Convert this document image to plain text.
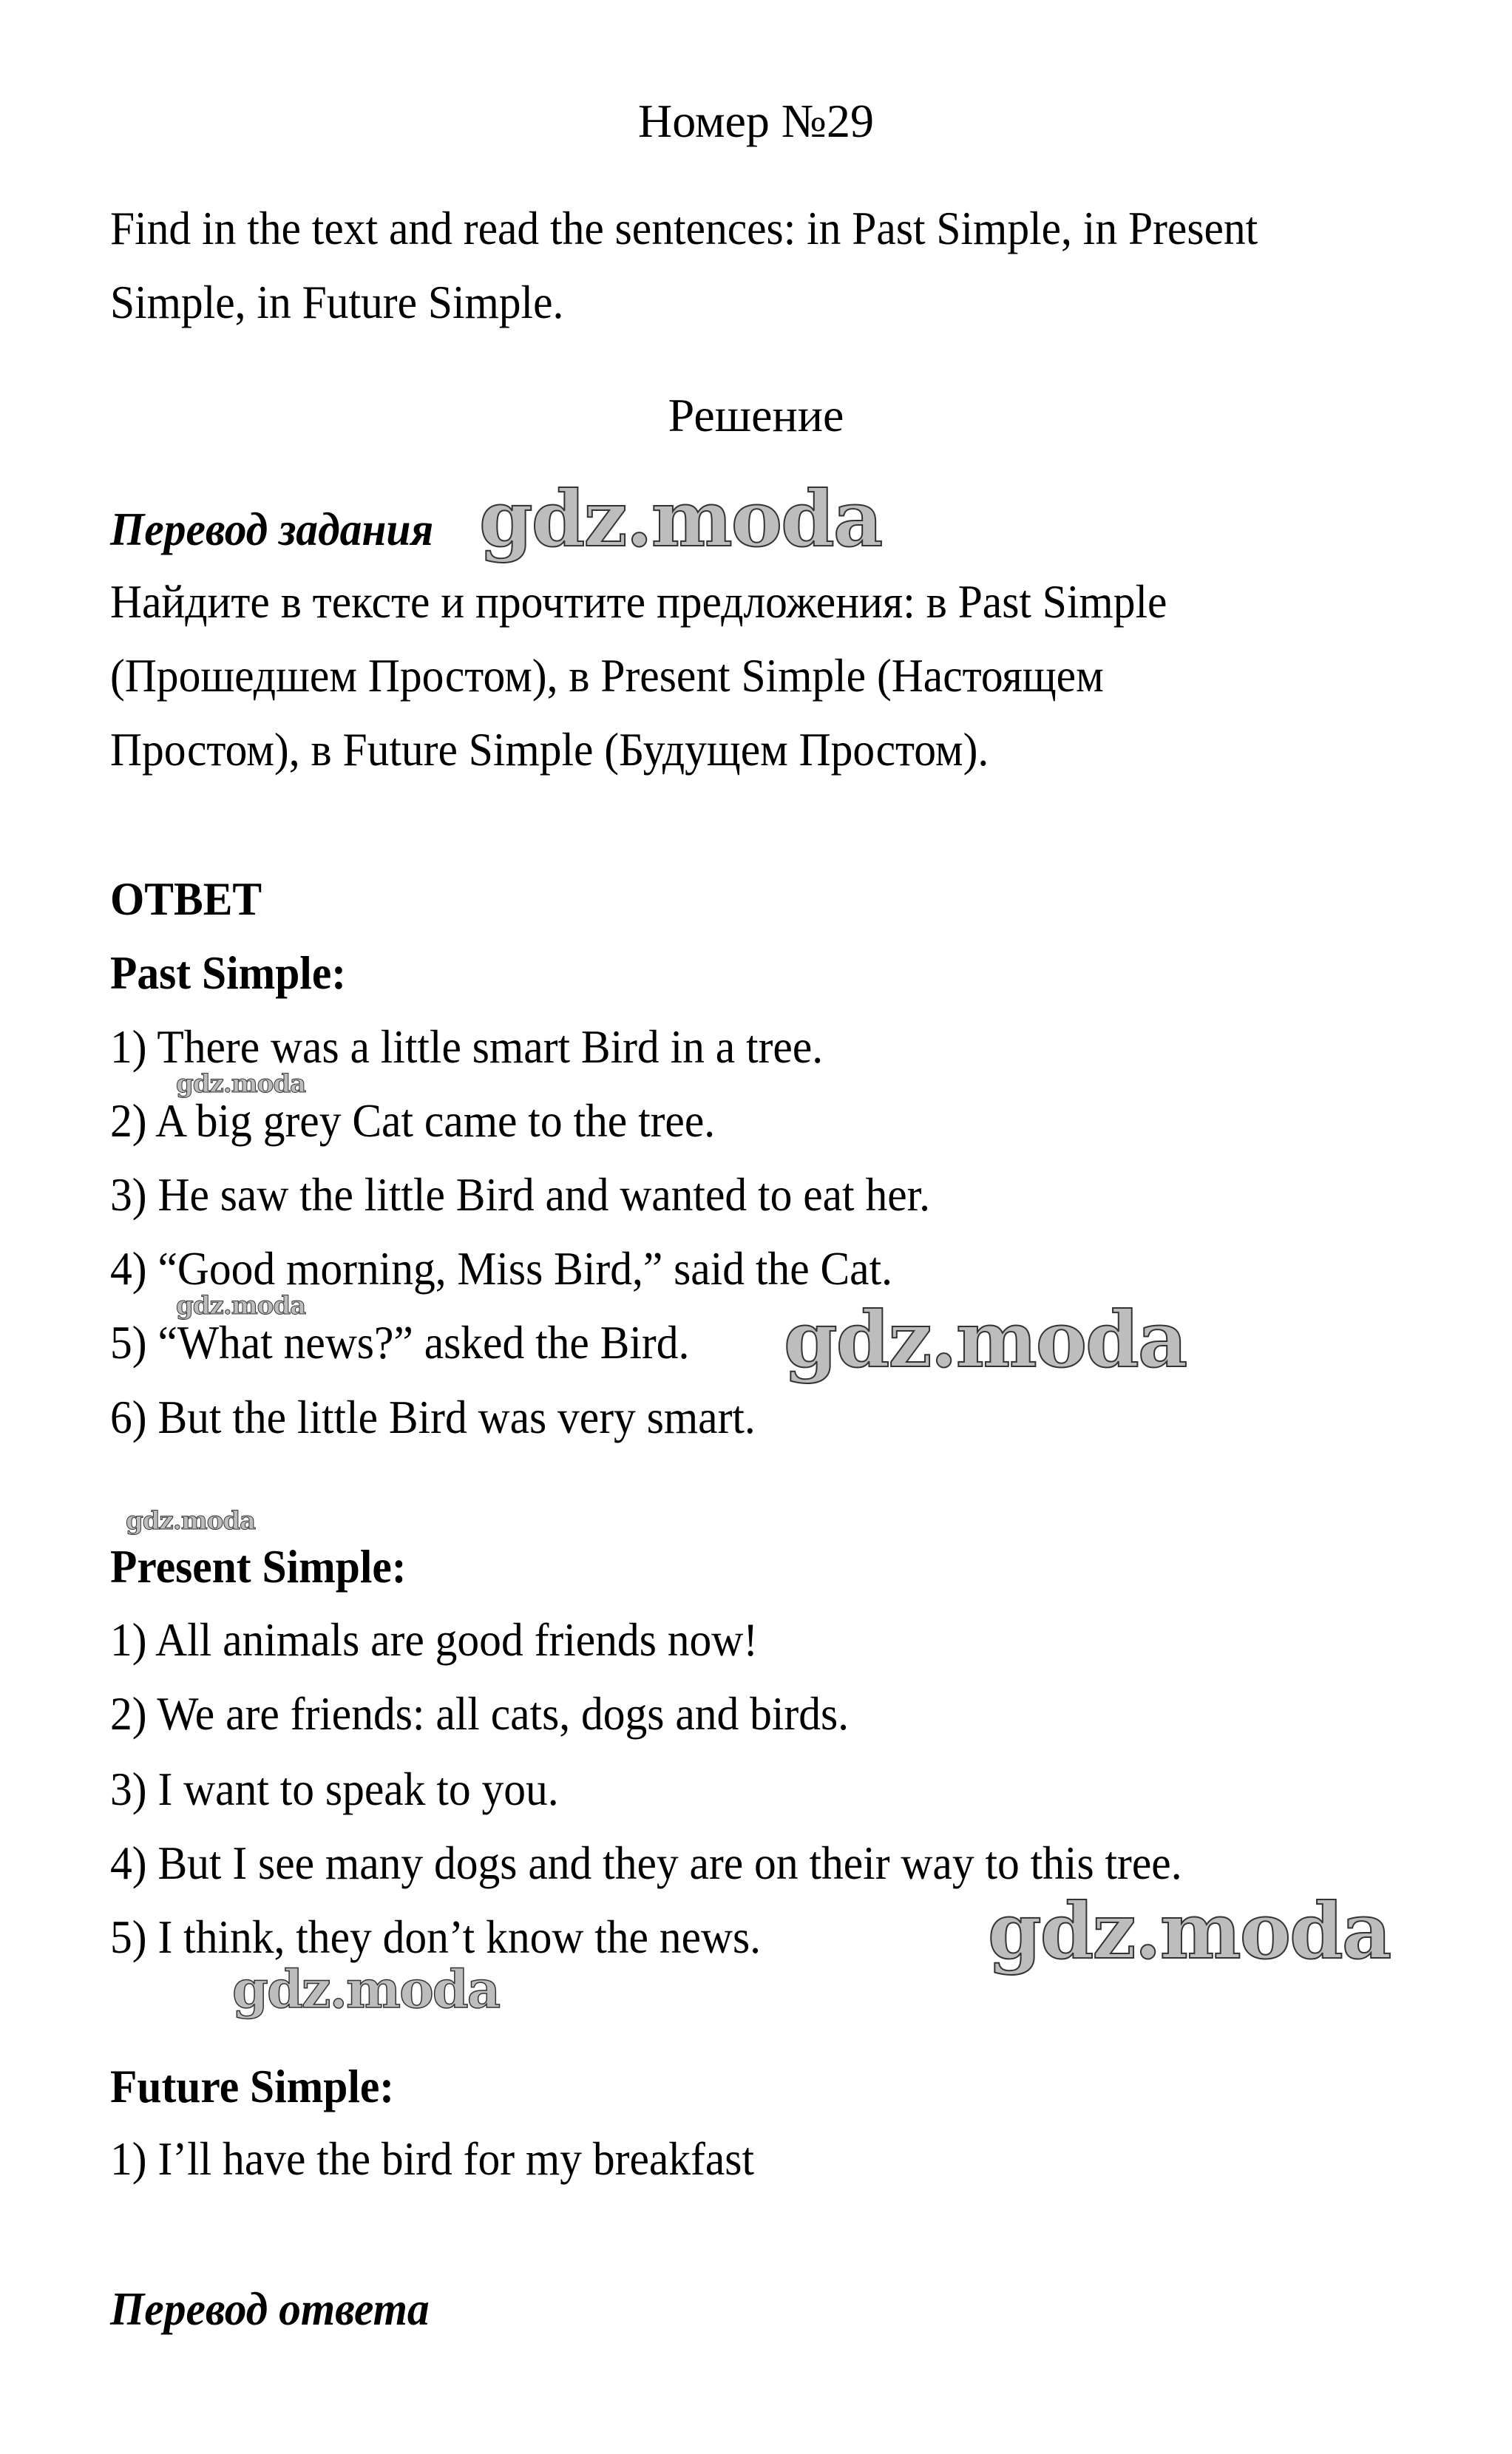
Номер №29
Find in the text and read the sentences: in Past Simple, in Present
Simple, in Future Simple.
Решение
Перевод задания
Найдите в тексте и прочтите предложения: в Past Simple
(Прошедшем Простом), в Present Simple (Настоящем
Простом), в Future Simple (Будущем Простом).
ОТВЕТ
Past Simple:
1) There was a little smart Bird in a tree.
2) A big grey Cat came to the tree.
3) He saw the little Bird and wanted to eat her.
4) “Good morning, Miss Bird,” said the Cat.
5) “What news?” asked the Bird.
6) But the little Bird was very smart.
Present Simple:
1) All animals are good friends now!
2) We are friends: all cats, dogs and birds.
3) I want to speak to you.
4) But I see many dogs and they are on their way to this tree.
5) I think, they don’t know the news.
Future Simple:
1) I’ll have the bird for my breakfast
Перевод ответа
gdz.moda
gdz.moda
gdz.moda	gdz.moda
gdz.moda
gdz.moda
gdz.moda
